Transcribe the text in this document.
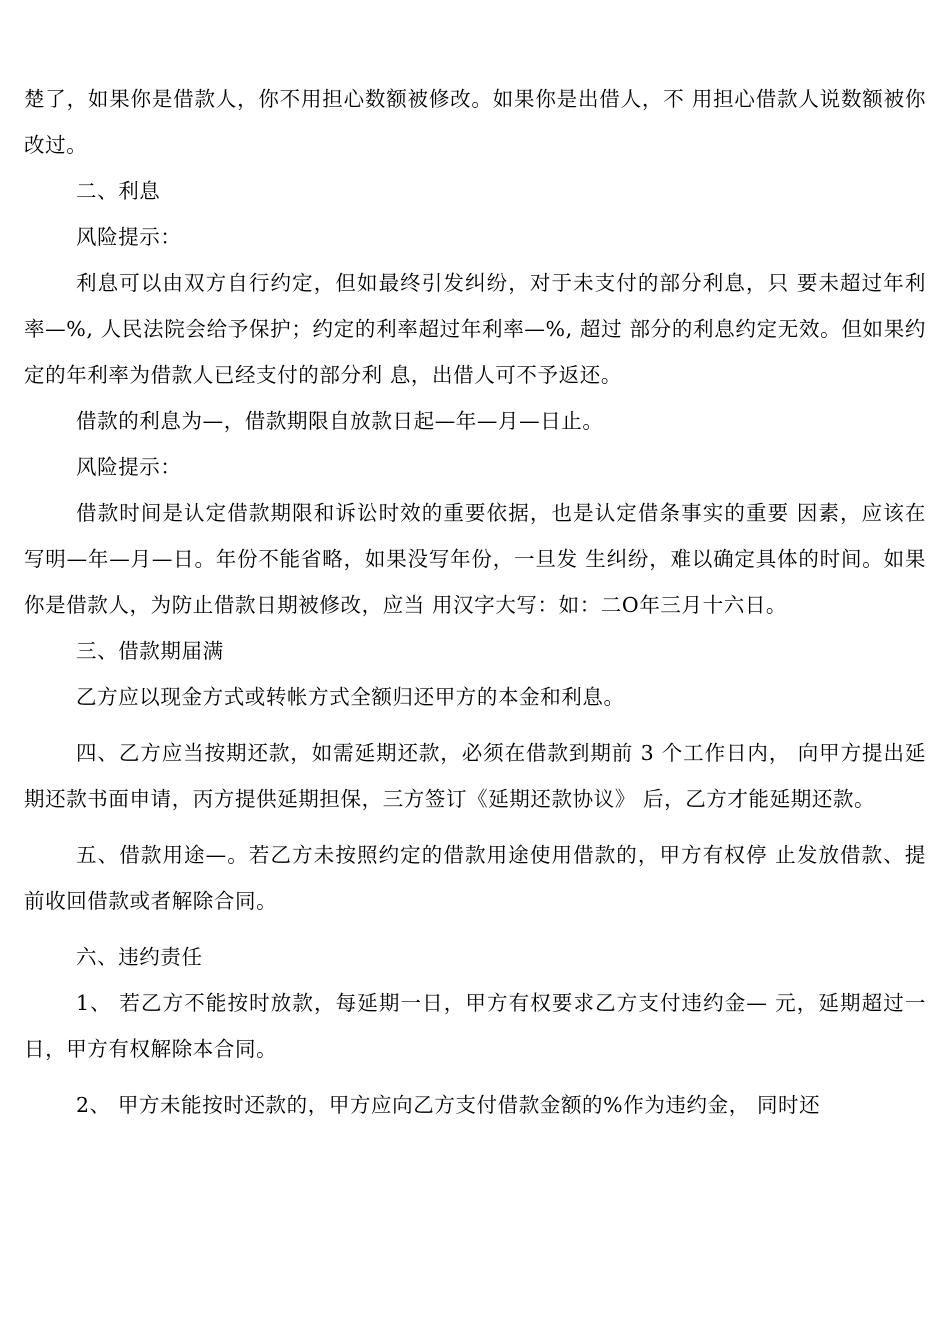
楚了，如果你是借款人，你不用担心数额被修改。如果你是出借人，不 用担心借款人说数额被你改过。

二、利息

风险提示：

利息可以由双方自行约定，但如最终引发纠纷，对于未支付的部分利息，只 要未超过年利率—%, 人民法院会给予保护；约定的利率超过年利率—%, 超过 部分的利息约定无效。但如果约定的年利率为借款人已经支付的部分利 息，出借人可不予返还。

借款的利息为—，借款期限自放款日起—年—月—日止。

风险提示：

借款时间是认定借款期限和诉讼时效的重要依据，也是认定借条事实的重要 因素，应该在写明—年—月—日。年份不能省略，如果没写年份，一旦发 生纠纷，难以确定具体的时间。如果你是借款人，为防止借款日期被修改，应当 用汉字大写：如：二O年三月十六日。

三、借款期届满

乙方应以现金方式或转帐方式全额归还甲方的本金和利息。

四、乙方应当按期还款，如需延期还款，必须在借款到期前 3 个工作日内， 向甲方提出延期还款书面申请，丙方提供延期担保，三方签订《延期还款协议》 后，乙方才能延期还款。

五、借款用途—。若乙方未按照约定的借款用途使用借款的，甲方有权停 止发放借款、提前收回借款或者解除合同。

六、违约责任

1、 若乙方不能按时放款，每延期一日，甲方有权要求乙方支付违约金— 元，延期超过一日，甲方有权解除本合同。

2、 甲方未能按时还款的，甲方应向乙方支付借款金额的%作为违约金， 同时还
